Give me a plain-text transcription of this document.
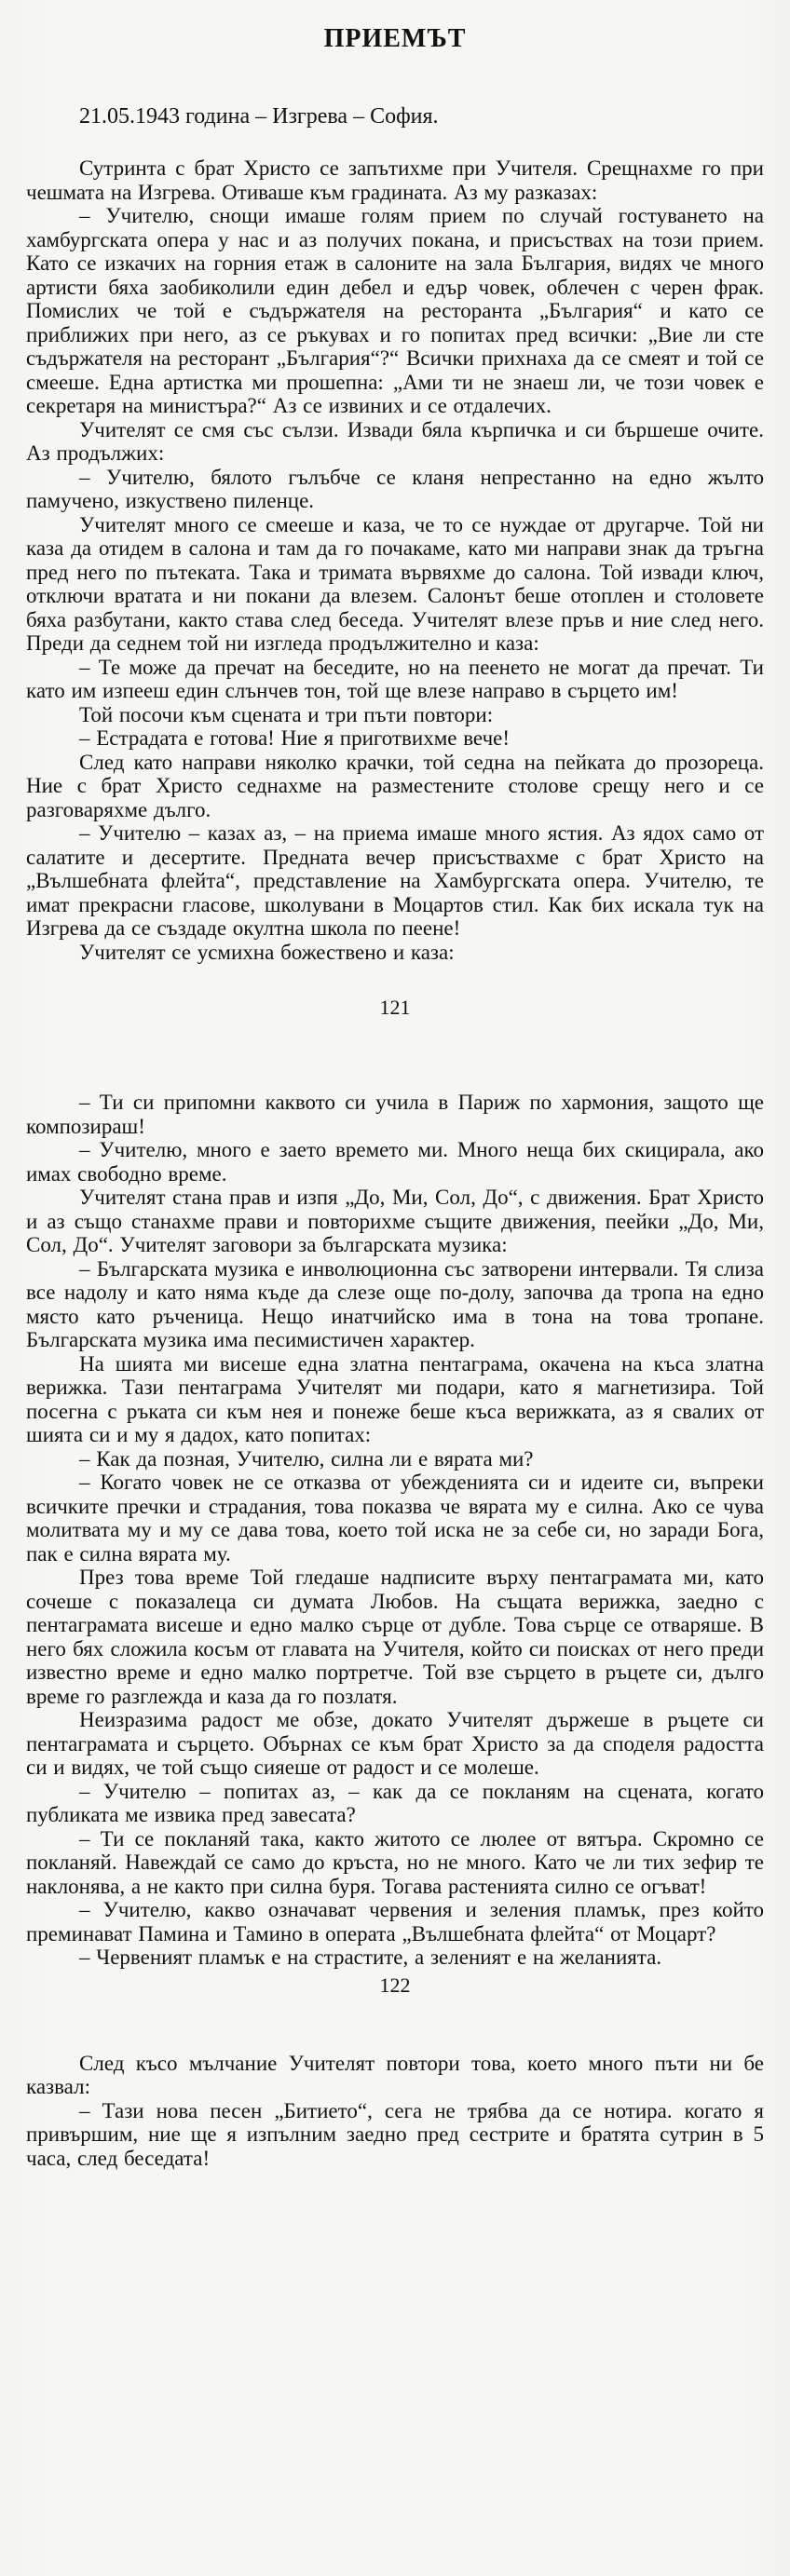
ПРИЕМЪТ

21.05.1943 година – Изгрева – София.

Сутринта с брат Христо се запътихме при Учителя. Срещнахме го при чешмата на Изгрева. Отиваше към градината. Аз му разказах:

– Учителю, снощи имаше голям прием по случай гостуването на хамбургската опера у нас и аз получих покана, и присъствах на този прием. Като се изкачих на горния етаж в салоните на зала България, видях че много артисти бяха заобиколили един дебел и едър човек, облечен с черен фрак. Помислих че той е съдържателя на ресторанта „България“ и като се приближих при него, аз се ръкувах и го попитах пред всички: „Вие ли сте съдържателя на ресторант „България“?“ Всички прихнаха да се смеят и той се смееше. Една артистка ми прошепна: „Ами ти не знаеш ли, че този човек е секретаря на министъра?“ Аз се извиних и се отдалечих.

Учителят се смя със сълзи. Извади бяла кърпичка и си бършеше очите. Аз продължих:

– Учителю, бялото гълъбче се кланя непрестанно на едно жълто памучено, изкуствено пиленце.

Учителят много се смееше и каза, че то се нуждае от другарче. Той ни каза да отидем в салона и там да го почакаме, като ми направи знак да тръгна пред него по пътеката. Така и тримата вървяхме до салона. Той извади ключ, отключи вратата и ни покани да влезем. Салонът беше отоплен и столовете бяха разбутани, както става след беседа. Учителят влезе пръв и ние след него. Преди да седнем той ни изгледа продължително и каза:

– Те може да пречат на беседите, но на пеенето не могат да пречат. Ти като им изпееш един слънчев тон, той ще влезе направо в сърцето им!

Той посочи към сцената и три пъти повтори:

– Естрадата е готова! Ние я приготвихме вече!

След като направи няколко крачки, той седна на пейката до прозореца. Ние с брат Христо седнахме на разместените столове срещу него и се разговаряхме дълго.

– Учителю – казах аз, – на приема имаше много ястия. Аз ядох само от салатите и десертите. Предната вечер присъствахме с брат Христо на „Вълшебната флейта“, представление на Хамбургската опера. Учителю, те имат прекрасни гласове, школувани в Моцартов стил. Как бих искала тук на Изгрева да се създаде окултна школа по пеене!

Учителят се усмихна божествено и каза:

121

– Ти си припомни каквото си учила в Париж по хармония, защото ще композираш!

– Учителю, много е заето времето ми. Много неща бих скицирала, ако имах свободно време.

Учителят стана прав и изпя „До, Ми, Сол, До“, с движения. Брат Христо и аз също станахме прави и повторихме същите движения, пеейки „До, Ми, Сол, До“. Учителят заговори за българската музика:

– Българската музика е инволюционна със затворени интервали. Тя слиза все надолу и като няма къде да слезе още по-долу, започва да тропа на едно място като ръченица. Нещо инатчийско има в тона на това тропане. Българската музика има песимистичен характер.

На шията ми висеше една златна пентаграма, окачена на къса златна верижка. Тази пентаграма Учителят ми подари, като я магнетизира. Той посегна с ръката си към нея и понеже беше къса верижката, аз я свалих от шията си и му я дадох, като попитах:

– Как да позная, Учителю, силна ли е вярата ми?

– Когато човек не се отказва от убежденията си и идеите си, въпреки всичките пречки и страдания, това показва че вярата му е силна. Ако се чува молитвата му и му се дава това, което той иска не за себе си, но заради Бога, пак е силна вярата му.

През това време Той гледаше надписите върху пентаграмата ми, като сочеше с показалеца си думата Любов. На същата верижка, заедно с пентаграмата висеше и едно малко сърце от дубле. Това сърце се отваряше. В него бях сложила косъм от главата на Учителя, който си поисках от него преди известно време и едно малко портретче. Той взе сърцето в ръцете си, дълго време го разглежда и каза да го позлатя.

Неизразима радост ме обзе, докато Учителят държеше в ръцете си пентаграмата и сърцето. Обърнах се към брат Христо за да споделя радостта си и видях, че той също сияеше от радост и се молеше.

– Учителю – попитах аз, – как да се покланям на сцената, когато публиката ме извика пред завесата?

– Ти се покланяй така, както житото се люлее от вятъра. Скромно се покланяй. Навеждай се само до кръста, но не много. Като че ли тих зефир те наклонява, а не както при силна буря. Тогава растенията силно се огъват!

– Учителю, какво означават червения и зеления пламък, през който преминават Памина и Тамино в операта „Вълшебната флейта“ от Моцарт?

– Червеният пламък е на страстите, а зеленият е на желанията.

122

След късо мълчание Учителят повтори това, което много пъти ни бе казвал:

– Тази нова песен „Битието“, сега не трябва да се нотира. когато я привършим, ние ще я изпълним заедно пред сестрите и братята сутрин в 5 часа, след беседата!
